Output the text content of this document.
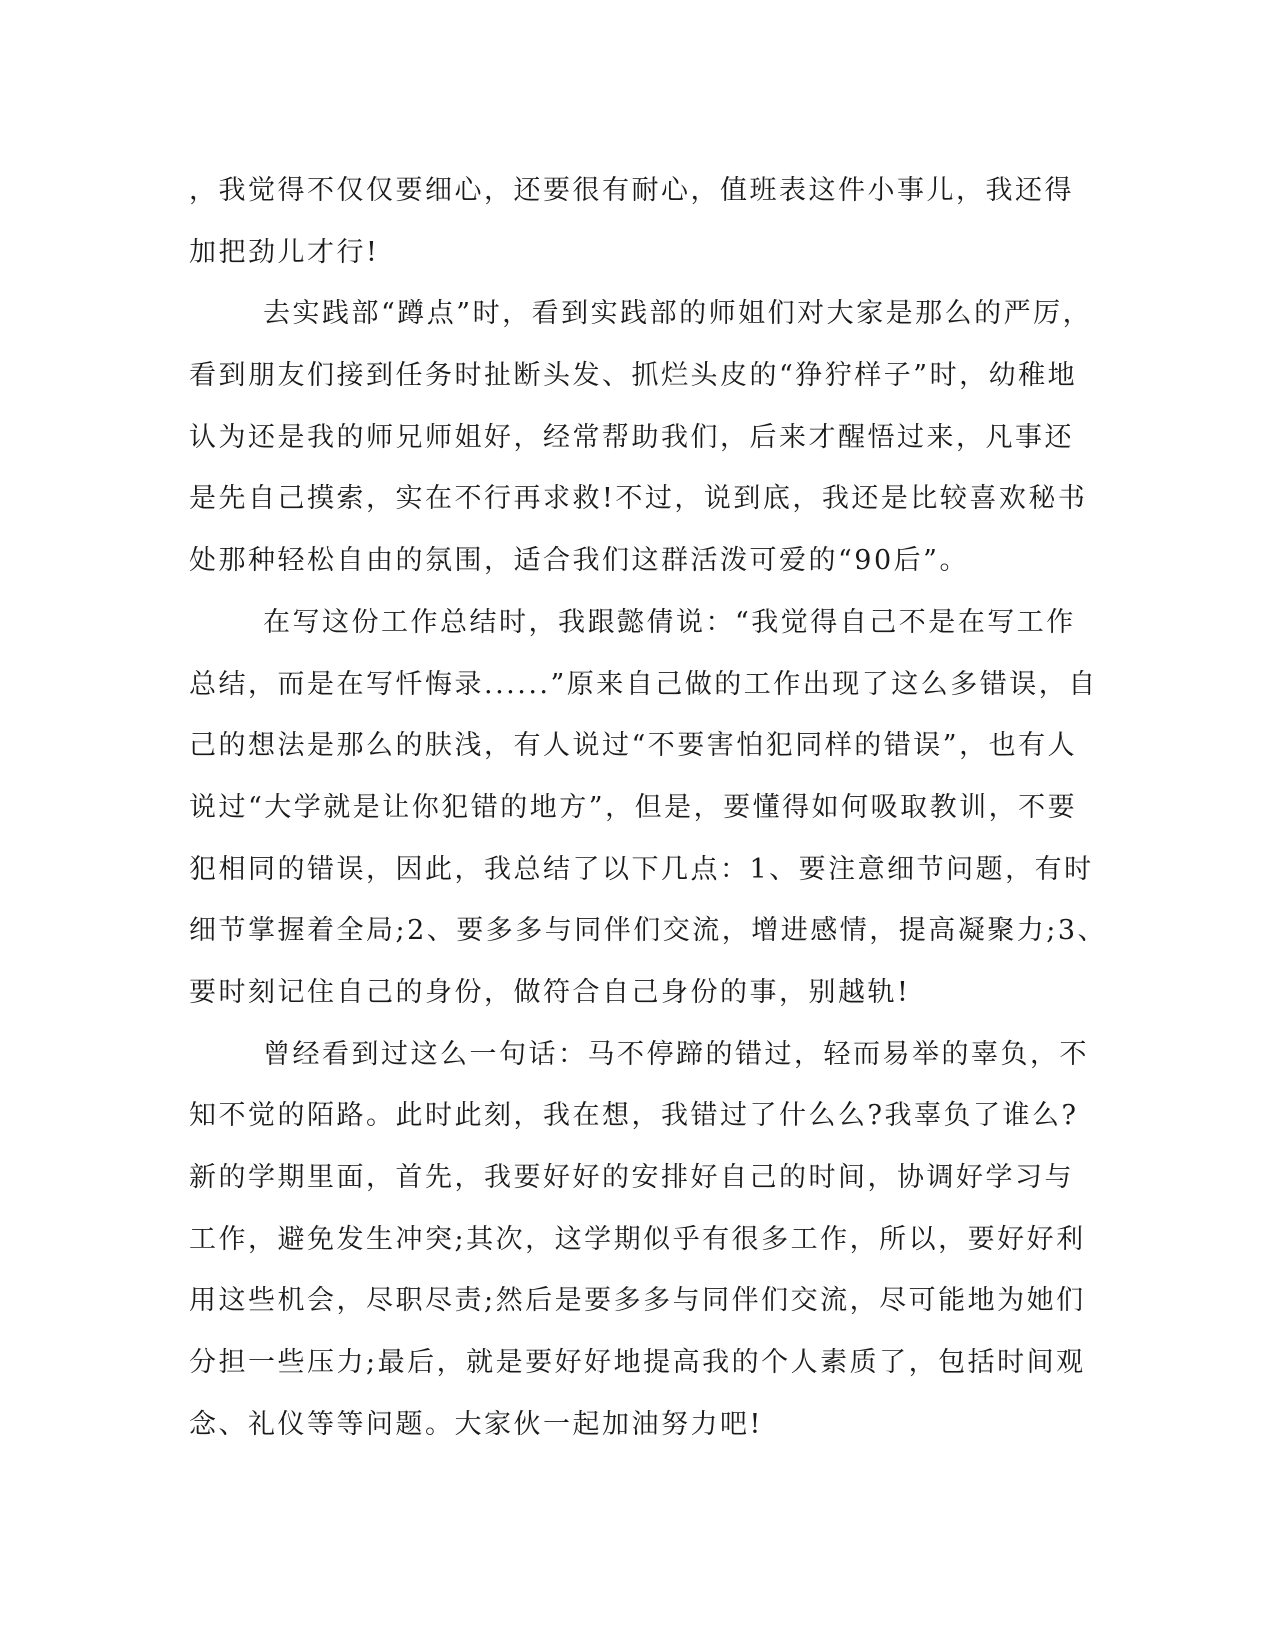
，我觉得不仅仅要细心，还要很有耐心，值班表这件小事儿，我还得
加把劲儿才行!
去实践部“蹲点”时，看到实践部的师姐们对大家是那么的严厉，
看到朋友们接到任务时扯断头发、抓烂头皮的“狰狞样子”时，幼稚地
认为还是我的师兄师姐好，经常帮助我们，后来才醒悟过来，凡事还
是先自己摸索，实在不行再求救!不过，说到底，我还是比较喜欢秘书
处那种轻松自由的氛围，适合我们这群活泼可爱的“90后”。
在写这份工作总结时，我跟懿倩说：“我觉得自己不是在写工作
总结，而是在写忏悔录......”原来自己做的工作出现了这么多错误，自
己的想法是那么的肤浅，有人说过“不要害怕犯同样的错误”，也有人
说过“大学就是让你犯错的地方”，但是，要懂得如何吸取教训，不要
犯相同的错误，因此，我总结了以下几点：1、要注意细节问题，有时
细节掌握着全局;2、要多多与同伴们交流，增进感情，提高凝聚力;3、
要时刻记住自己的身份，做符合自己身份的事，别越轨!
曾经看到过这么一句话：马不停蹄的错过，轻而易举的辜负，不
知不觉的陌路。此时此刻，我在想，我错过了什么么?我辜负了谁么?
新的学期里面，首先，我要好好的安排好自己的时间，协调好学习与
工作，避免发生冲突;其次，这学期似乎有很多工作，所以，要好好利
用这些机会，尽职尽责;然后是要多多与同伴们交流，尽可能地为她们
分担一些压力;最后，就是要好好地提高我的个人素质了，包括时间观
念、礼仪等等问题。大家伙一起加油努力吧!
